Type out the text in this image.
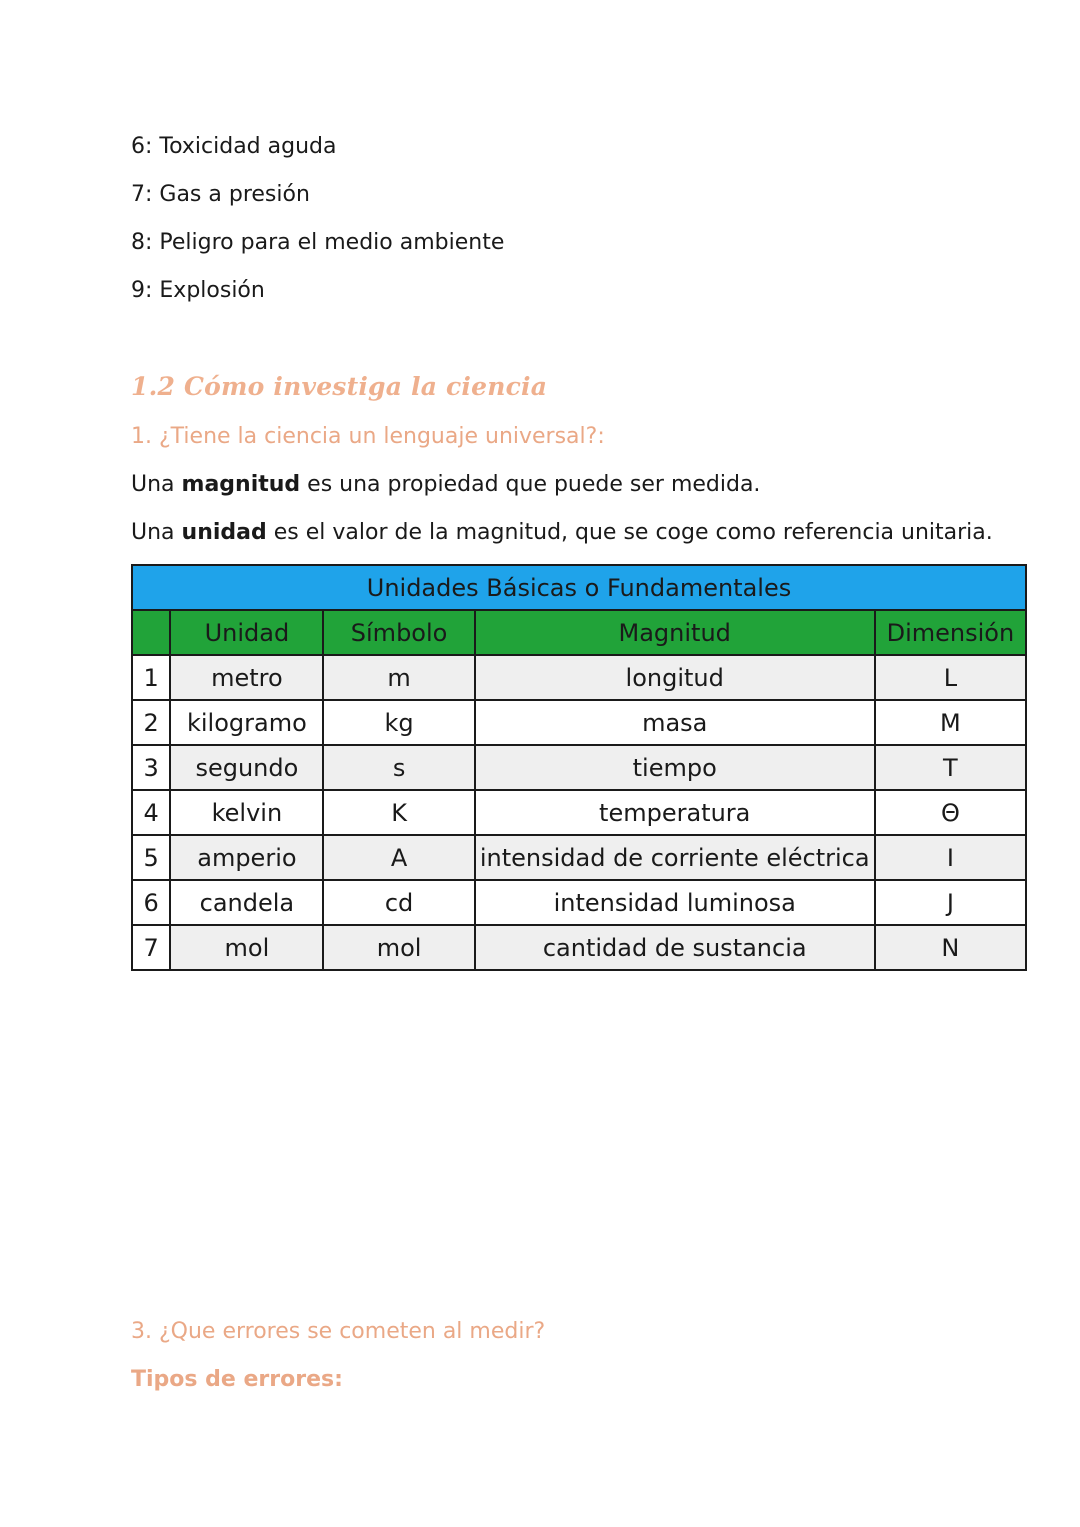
6: Toxicidad aguda
7: Gas a presión
8: Peligro para el medio ambiente
9: Explosión
1.2 Cómo investiga la ciencia
1. ¿Tiene la ciencia un lenguaje universal?:
Una magnitud es una propiedad que puede ser medida.
Una unidad es el valor de la magnitud, que se coge como referencia unitaria.
Unidades Básicas o Fundamentales				
	Unidad	Símbolo	Magnitud	Dimensión
1	metro	m	longitud	L
2	kilogramo	kg	masa	M
3	segundo	s	tiempo	T
4	kelvin	K	temperatura	Θ
5	amperio	A	intensidad de corriente eléctrica	I
6	candela	cd	intensidad luminosa	J
7	mol	mol	cantidad de sustancia	N
3. ¿Que errores se cometen al medir?
Tipos de errores:
